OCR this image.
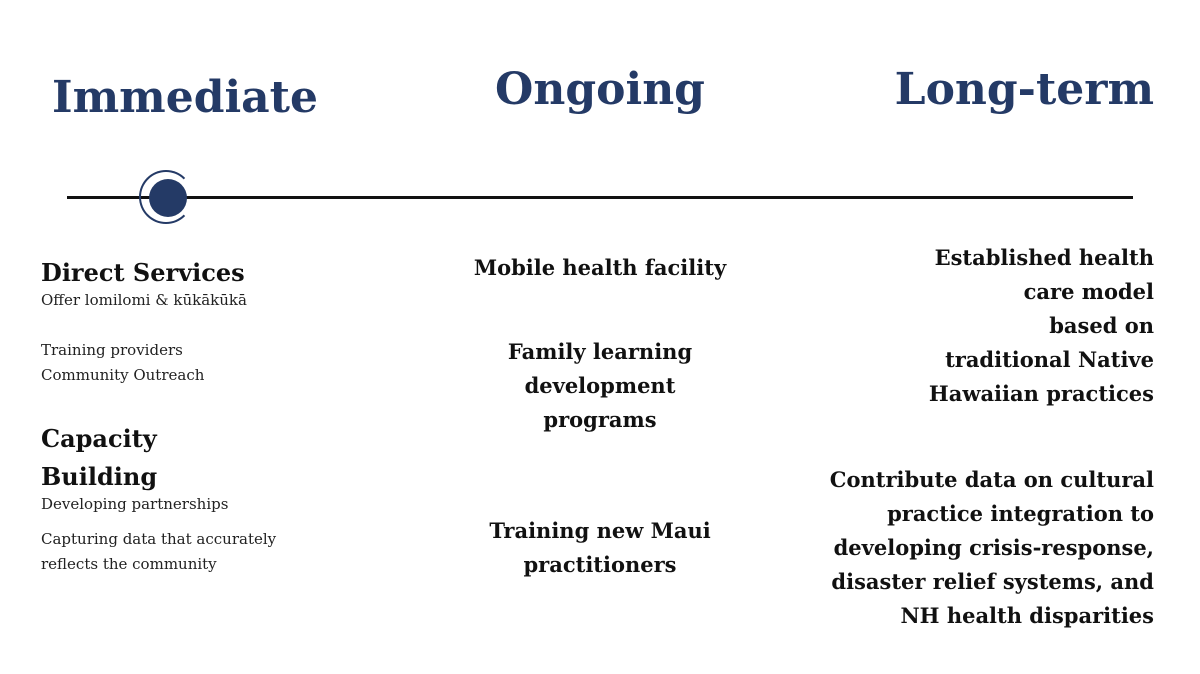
Immediate	Ongoing	Long-term
Direct Services
Offer lomilomi & kūkākūkā
Training providers
Community Outreach
Capacity
Building
Developing partnerships
Capturing data that accurately
reflects the community
Mobile health facility
Family learning
development
programs
Training new Maui
practitioners
Established health
care model
based on
traditional Native
Hawaiian practices
Contribute data on cultural
practice integration to
developing crisis-response,
disaster relief systems, and
NH health disparities
